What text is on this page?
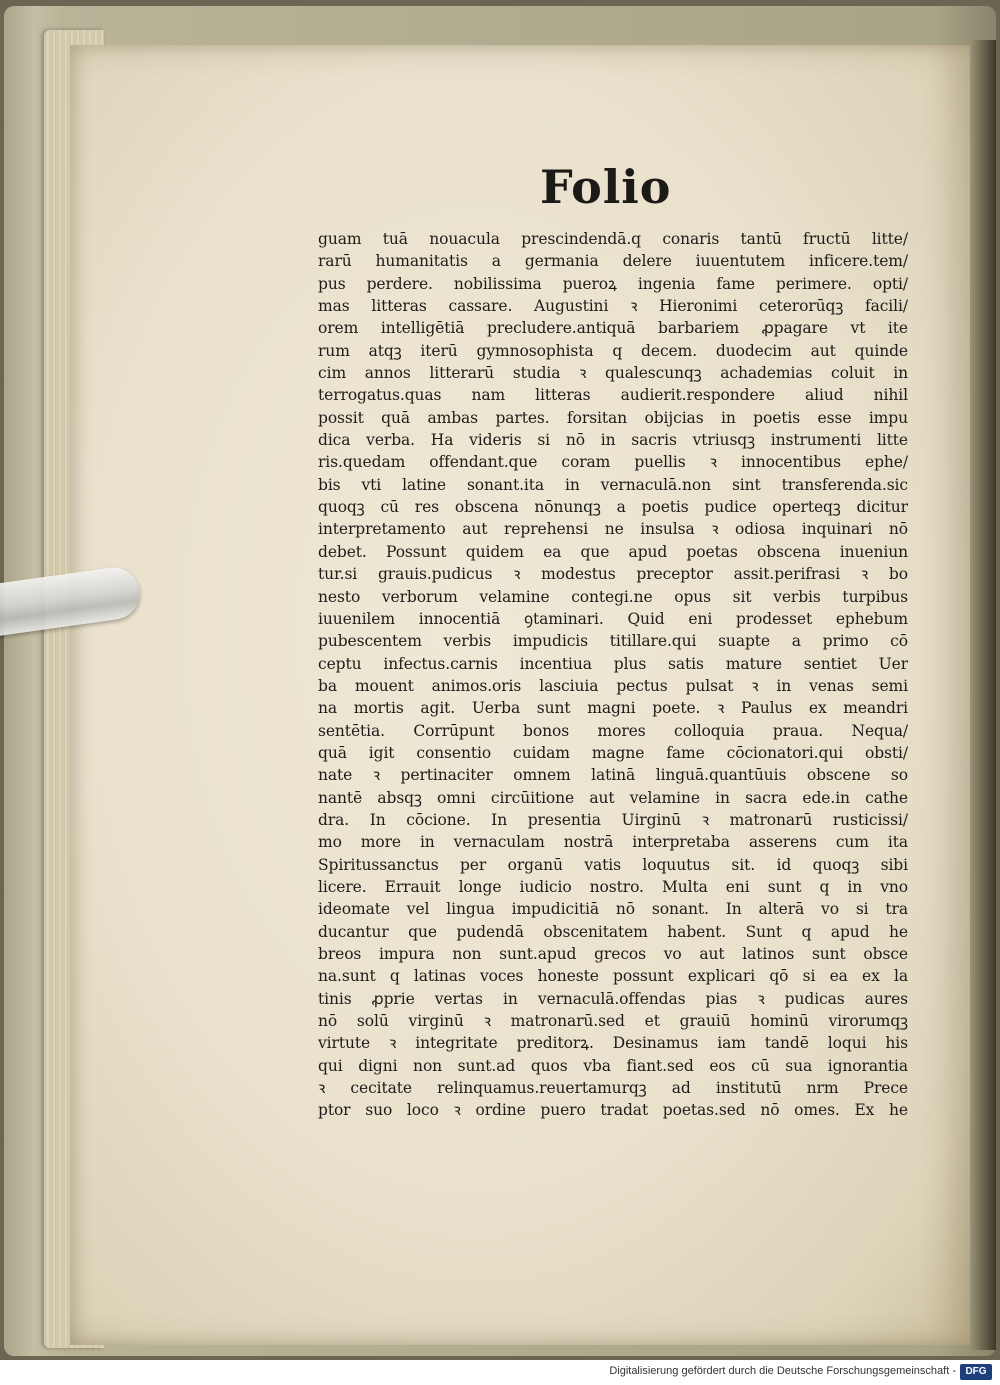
Folio
guam tuā nouacula prescindendā.q conaris tantū fructū litte/
rarū humanitatis a germania delere iuuentutem inficere.tem/
pus perdere. nobilissima pueroꝝ ingenia fame perimere. opti/
mas litteras cassare. Augustini ꝛ Hieronimi ceterorūqꝫ facili/
orem intelligētiā precludere.antiquā barbariem ꝓpagare vt ite
rum atqꝫ iterū gymnosophista q decem. duodecim aut quinde
cim annos litterarū studia ꝛ qualescunqꝫ achademias coluit in
terrogatus.quas nam litteras audierit.respondere aliud nihil
possit quā ambas partes. forsitan obijcias in poetis esse impu
dica verba. Ha videris si nō in sacris vtriusqꝫ instrumenti litte
ris.quedam offendant.que coram puellis ꝛ innocentibus ephe/
bis vti latine sonant.ita in vernaculā.non sint transferenda.sic
quoqꝫ cū res obscena nōnunqꝫ a poetis pudice operteqꝫ dicitur
interpretamento aut reprehensi ne insulsa ꝛ odiosa inquinari nō
debet. Possunt quidem ea que apud poetas obscena inueniun
tur.si grauis.pudicus ꝛ modestus preceptor assit.perifrasi ꝛ bo
nesto verborum velamine contegi.ne opus sit verbis turpibus
iuuenilem innocentiā ꝯtaminari. Quid eni prodesset ephebum
pubescentem verbis impudicis titillare.qui suapte a primo cō
ceptu infectus.carnis incentiua plus satis mature sentiet Uer
ba mouent animos.oris lasciuia pectus pulsat ꝛ in venas semi
na mortis agit. Uerba sunt magni poete. ꝛ Paulus ex meandri
sentētia. Corrūpunt bonos mores colloquia praua. Nequa/
quā igit consentio cuidam magne fame cōcionatori.qui obsti/
nate ꝛ pertinaciter omnem latinā linguā.quantūuis obscene so
nantē absqꝫ omni circūitione aut velamine in sacra ede.in cathe
dra. In cōcione. In presentia Uirginū ꝛ matronarū rusticissi/
mo more in vernaculam nostrā interpretaba asserens cum ita
Spiritussanctus per organū vatis loquutus sit. id quoqꝫ sibi
licere. Errauit longe iudicio nostro. Multa eni sunt q in vno
ideomate vel lingua impudicitiā nō sonant. In alterā vo si tra
ducantur que pudendā obscenitatem habent. Sunt q apud he
breos impura non sunt.apud grecos vo aut latinos sunt obsce
na.sunt q latinas voces honeste possunt explicari qō si ea ex la
tinis ꝓprie vertas in vernaculā.offendas pias ꝛ pudicas aures
nō solū virginū ꝛ matronarū.sed et grauiū hominū virorumqꝫ
virtute ꝛ integritate preditorꝝ. Desinamus iam tandē loqui his
qui digni non sunt.ad quos vba fiant.sed eos cū sua ignorantia
ꝛ cecitate relinquamus.reuertamurqꝫ ad institutū nrm Prece
ptor suo loco ꝛ ordine puero tradat poetas.sed nō omes. Ex he
Digitalisierung gefördert durch die Deutsche Forschungsgemeinschaft - DFG
